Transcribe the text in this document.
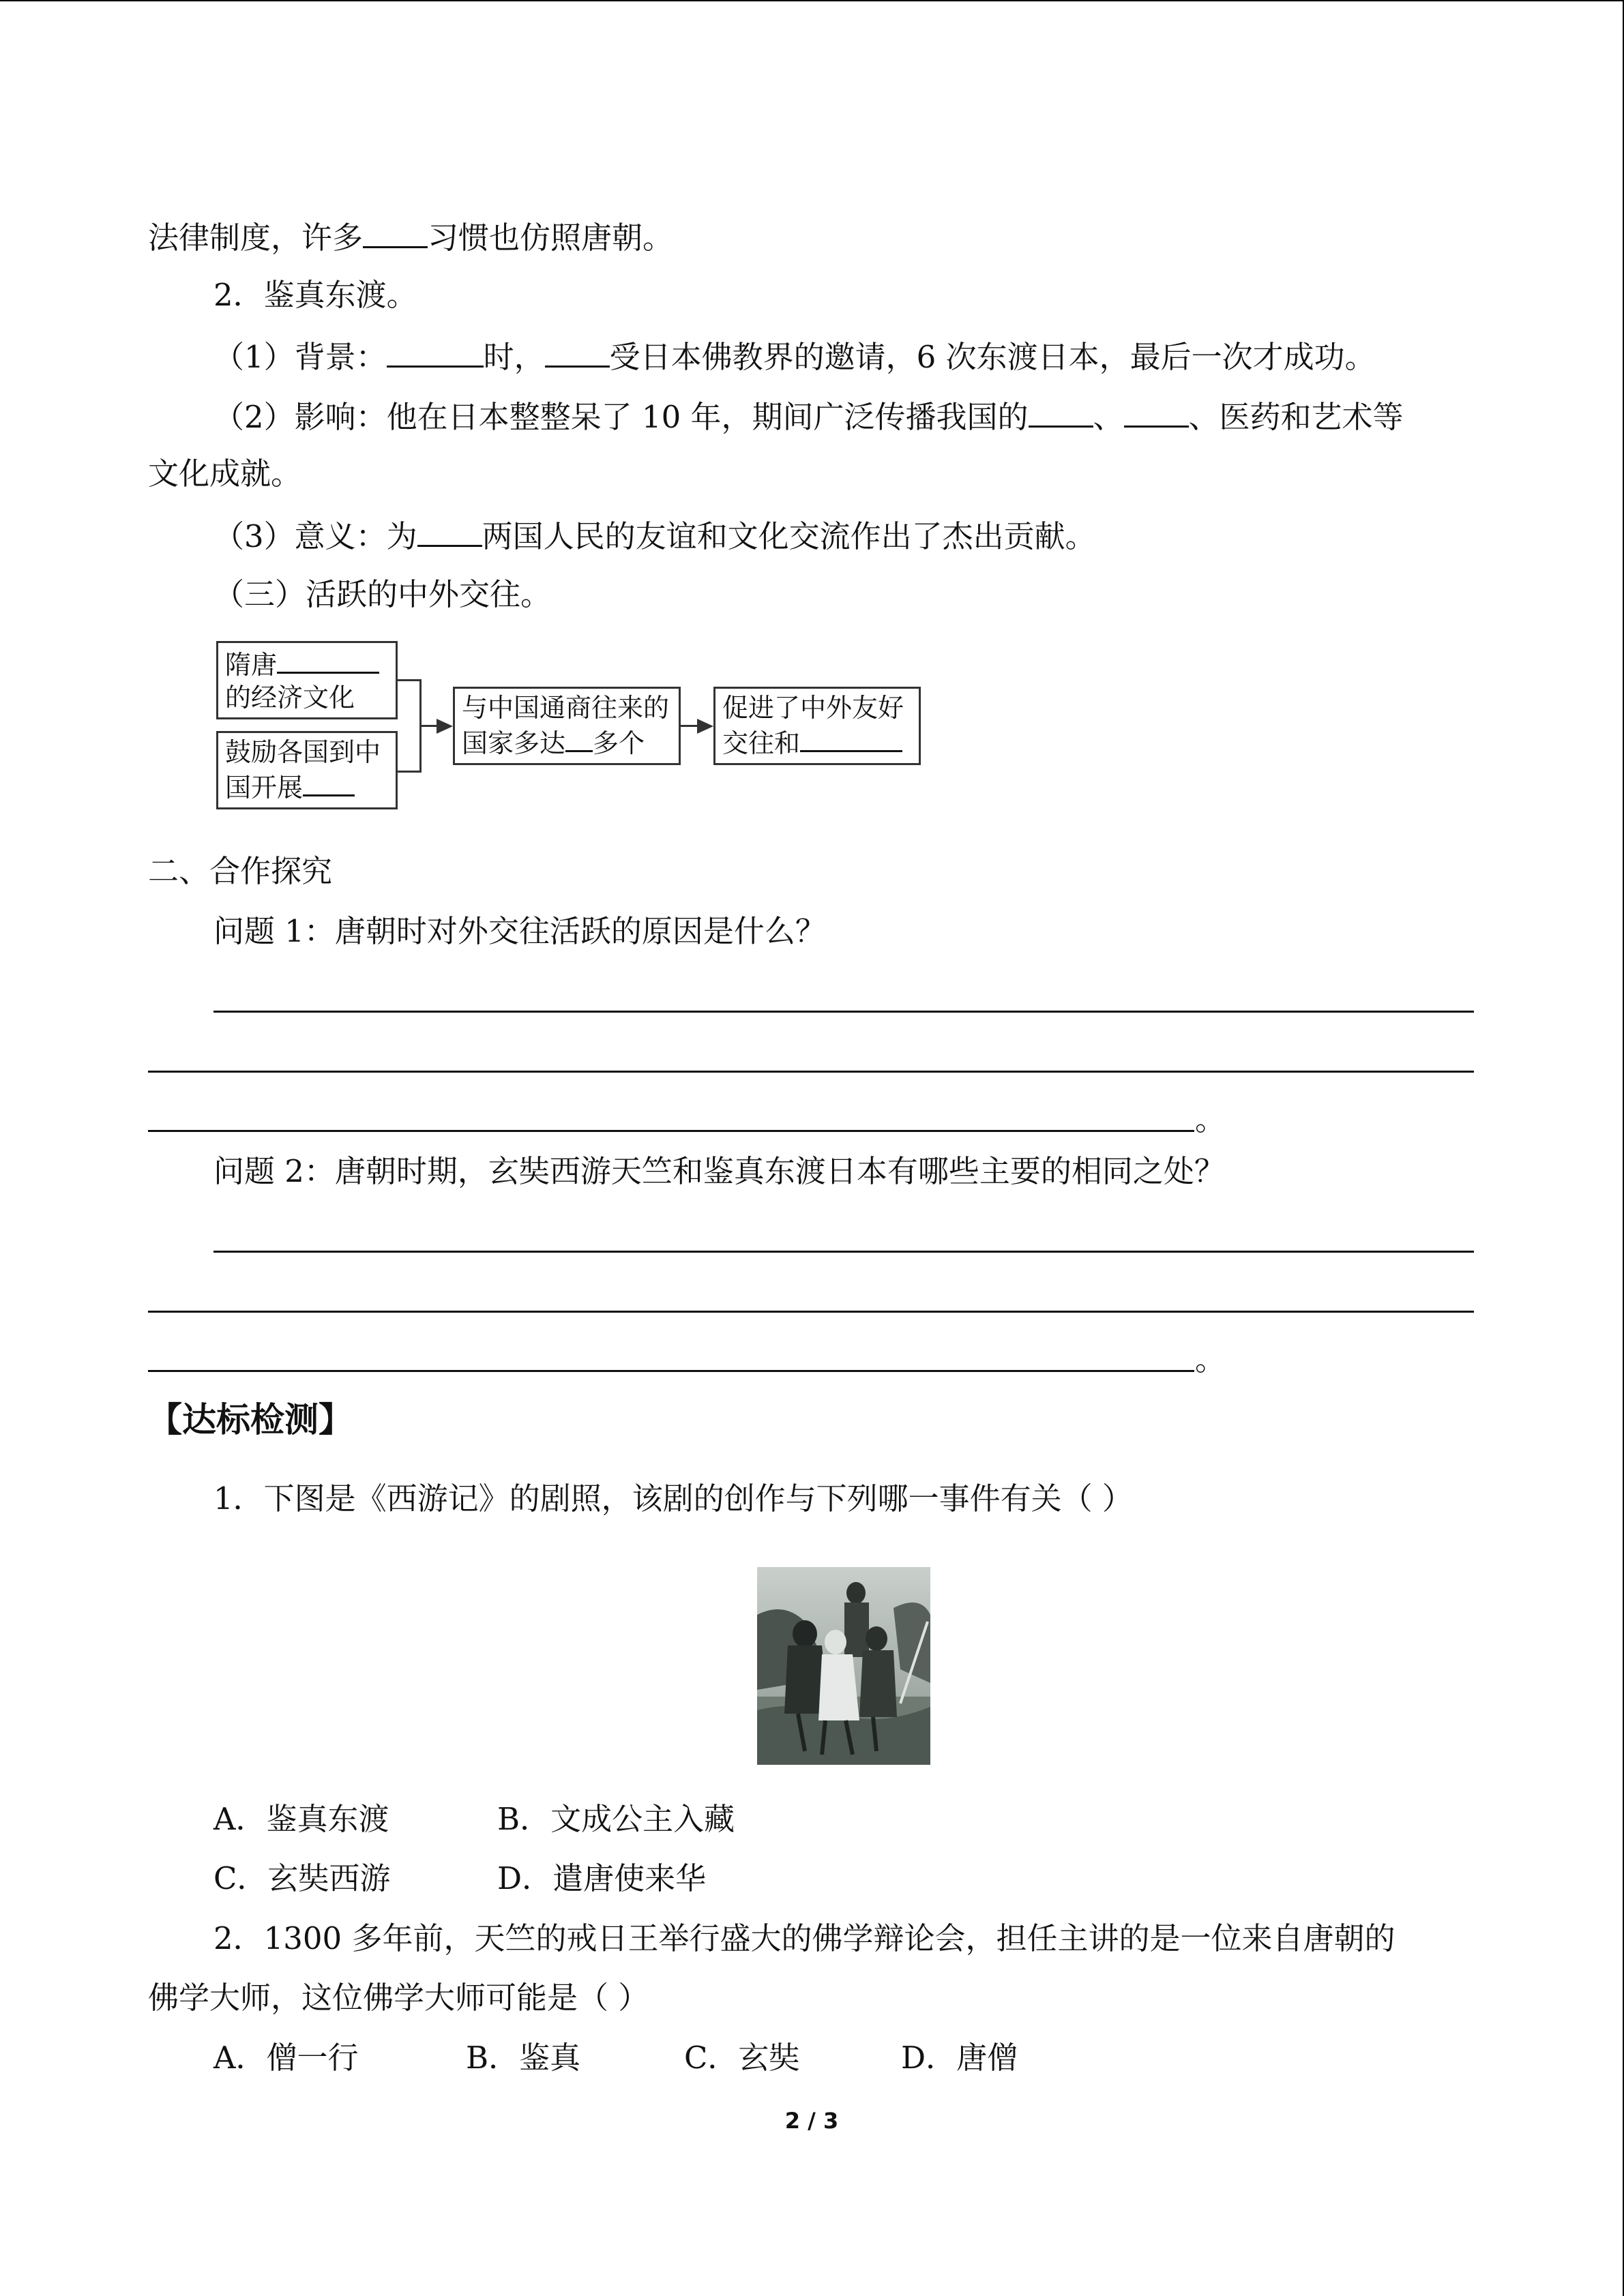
法律制度，许多 习惯也仿照唐朝。
2．鉴真东渡。
（1）背景：	时， 受日本佛教界的邀请，6 次东渡日本，最后一次才成功。
（2）影响：他在日本整整呆了 10 年，期间广泛传播我国的 、 、医药和艺术等
文化成就。
（3）意义：为 两国人民的友谊和文化交流作出了杰出贡献。
（三）活跃的中外交往。
隋唐
的经济文化
鼓励各国到中
国开展
与中国通商往来的
国家多达 多个
促进了中外友好
交往和
二、合作探究
问题 1：唐朝时对外交往活跃的原因是什么？
。
问题 2：唐朝时期，玄奘西游天竺和鉴真东渡日本有哪些主要的相同之处？
。
【达标检测】
1．下图是《西游记》的剧照，该剧的创作与下列哪一事件有关（ ）
A．鉴真东渡	B．文成公主入藏
C．玄奘西游	D．遣唐使来华
2．1300 多年前，天竺的戒日王举行盛大的佛学辩论会，担任主讲的是一位来自唐朝的
佛学大师，这位佛学大师可能是（ ）
A．僧一行	B．鉴真	C．玄奘	D．唐僧
2 / 3
